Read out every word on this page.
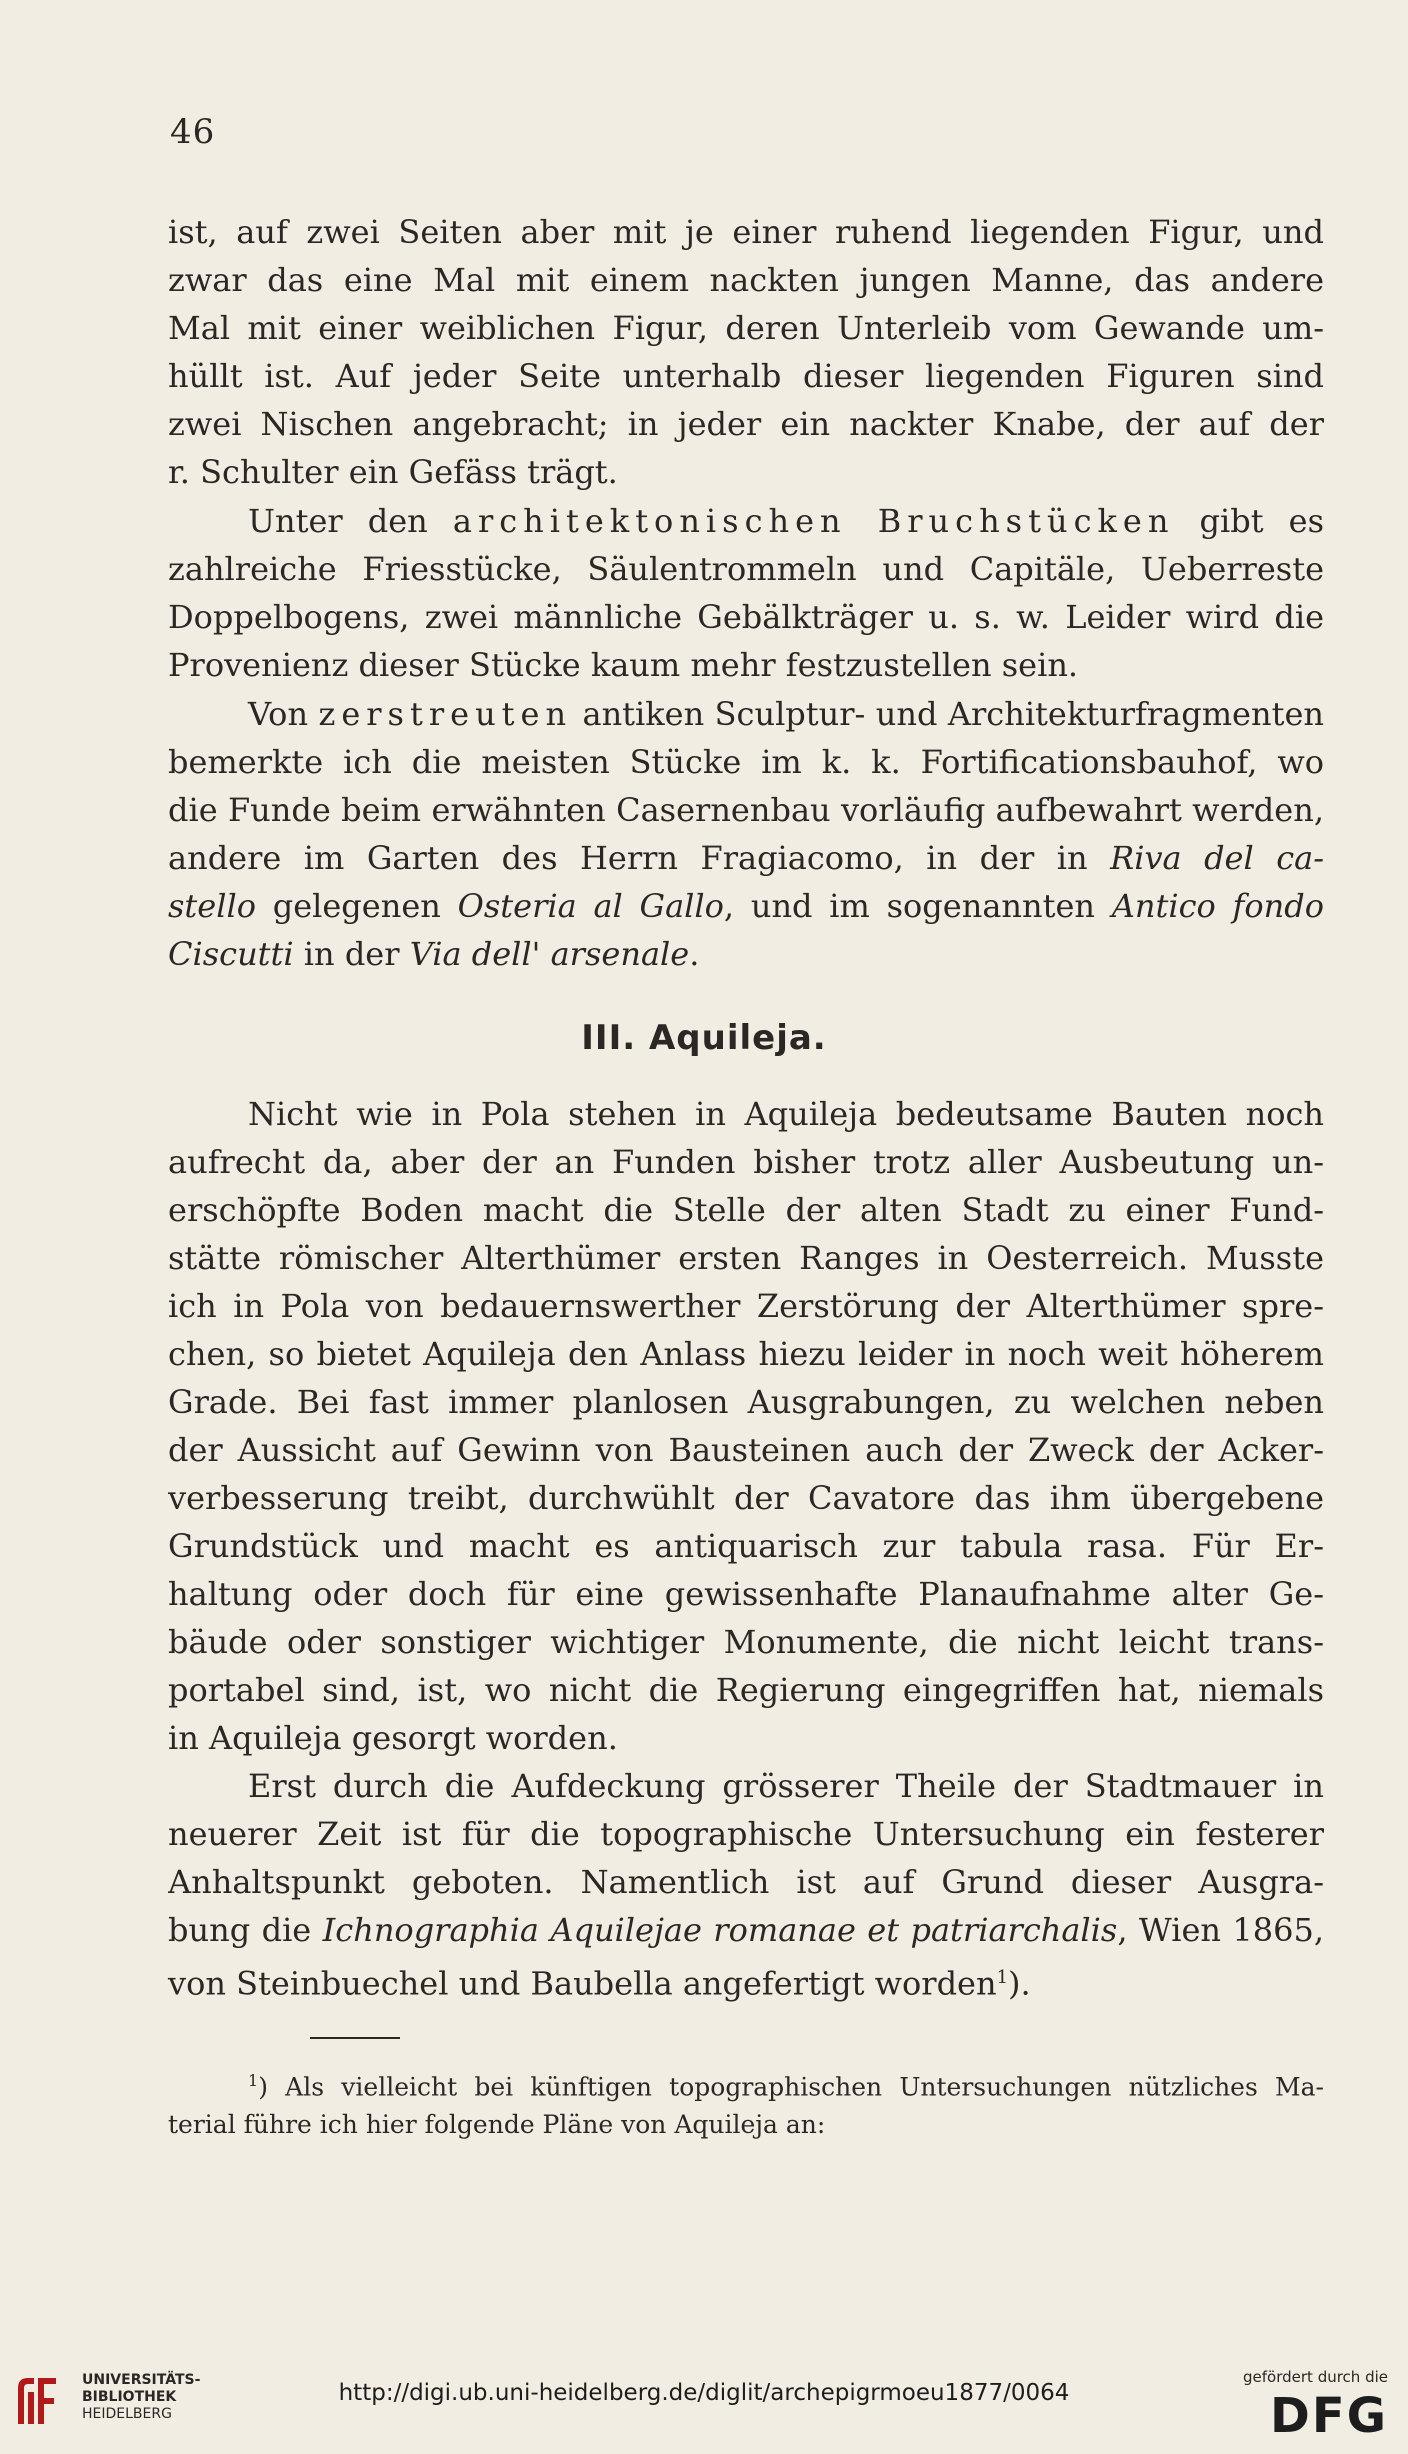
46
ist, auf zwei Seiten aber mit je einer ruhend liegenden Figur, und
zwar das eine Mal mit einem nackten jungen Manne, das andere
Mal mit einer weiblichen Figur, deren Unterleib vom Gewande um-
hüllt ist. Auf jeder Seite unterhalb dieser liegenden Figuren sind
zwei Nischen angebracht; in jeder ein nackter Knabe, der auf der
r. Schulter ein Gefäss trägt.
Unter den architektonischen Bruchstücken gibt es
zahlreiche Friesstücke, Säulentrommeln und Capitäle, Ueberreste
Doppelbogens, zwei männliche Gebälkträger u. s. w. Leider wird die
Provenienz dieser Stücke kaum mehr festzustellen sein.
Von zerstreuten antiken Sculptur- und Architekturfragmenten
bemerkte ich die meisten Stücke im k. k. Fortificationsbauhof, wo
die Funde beim erwähnten Casernenbau vorläufig aufbewahrt werden,
andere im Garten des Herrn Fragiacomo, in der in Riva del ca-
stello gelegenen Osteria al Gallo, und im sogenannten Antico fondo
Ciscutti in der Via dell' arsenale.
III. Aquileja.
Nicht wie in Pola stehen in Aquileja bedeutsame Bauten noch
aufrecht da, aber der an Funden bisher trotz aller Ausbeutung un-
erschöpfte Boden macht die Stelle der alten Stadt zu einer Fund-
stätte römischer Alterthümer ersten Ranges in Oesterreich. Musste
ich in Pola von bedauernswerther Zerstörung der Alterthümer spre-
chen, so bietet Aquileja den Anlass hiezu leider in noch weit höherem
Grade. Bei fast immer planlosen Ausgrabungen, zu welchen neben
der Aussicht auf Gewinn von Bausteinen auch der Zweck der Acker-
verbesserung treibt, durchwühlt der Cavatore das ihm übergebene
Grundstück und macht es antiquarisch zur tabula rasa. Für Er-
haltung oder doch für eine gewissenhafte Planaufnahme alter Ge-
bäude oder sonstiger wichtiger Monumente, die nicht leicht trans-
portabel sind, ist, wo nicht die Regierung eingegriffen hat, niemals
in Aquileja gesorgt worden.
Erst durch die Aufdeckung grösserer Theile der Stadtmauer in
neuerer Zeit ist für die topographische Untersuchung ein festerer
Anhaltspunkt geboten. Namentlich ist auf Grund dieser Ausgra-
bung die Ichnographia Aquilejae romanae et patriarchalis, Wien 1865,
von Steinbuechel und Baubella angefertigt worden$^1$).
$^1$) Als vielleicht bei künftigen topographischen Untersuchungen nützliches Ma-
terial führe ich hier folgende Pläne von Aquileja an:
UNIVERSITÄTS-
BIBLIOTHEK
HEIDELBERG
http://digi.ub.uni-heidelberg.de/diglit/archepigrmoeu1877/0064
gefördert durch die
DFG
